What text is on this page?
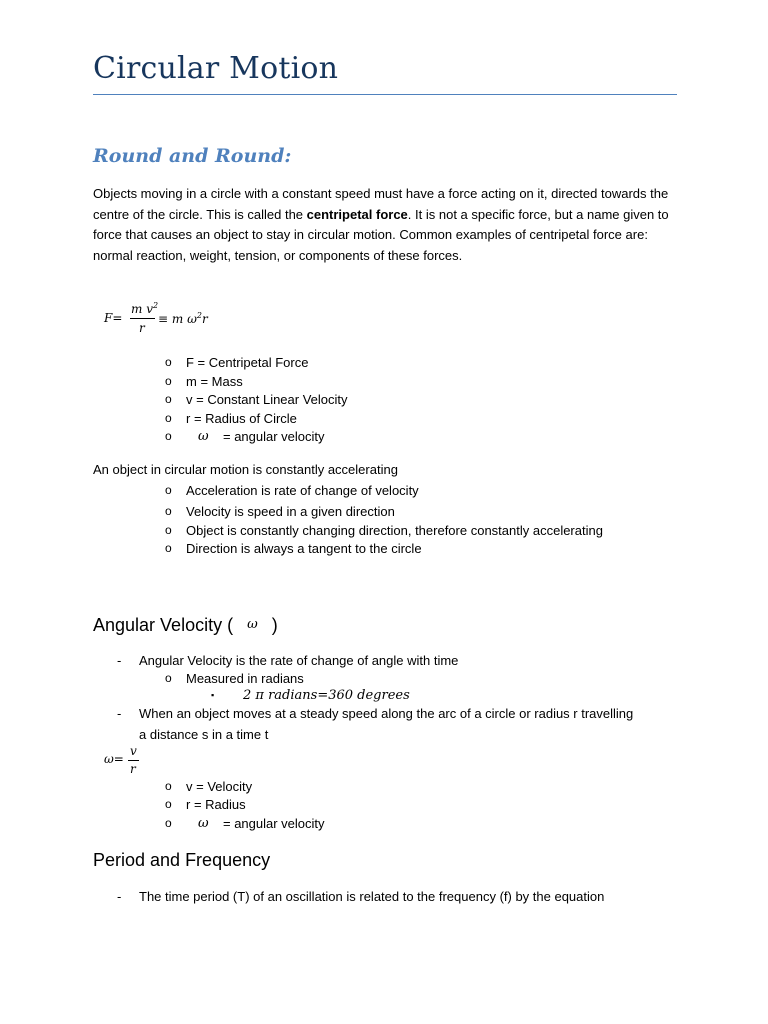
Circular Motion
Round and Round:
Objects moving in a circle with a constant speed must have a force acting on it, directed towards the centre of the circle. This is called the centripetal force. It is not a specific force, but a name given to force that causes an object to stay in circular motion. Common examples of centripetal force are: normal reaction, weight, tension, or components of these forces.
F=
m $v^2$
r
≡ m $\omega^2r$
o F = Centripetal Force
o m = Mass
o v = Constant Linear Velocity
o r = Radius of Circle
o ω = angular velocity
An object in circular motion is constantly accelerating
o Acceleration is rate of change of velocity
o Velocity is speed in a given direction
o Object is constantly changing direction, therefore constantly accelerating
o Direction is always a tangent to the circle
Angular Velocity ( ω )
- Angular Velocity is the rate of change of angle with time
o Measured in radians
▪ 2 π radians=360 degrees
- When an object moves at a steady speed along the arc of a circle or radius r travelling
a distance s in a time t
ω=
v
r
o v = Velocity
o r = Radius
o ω = angular velocity
Period and Frequency
- The time period (T) of an oscillation is related to the frequency (f) by the equation
